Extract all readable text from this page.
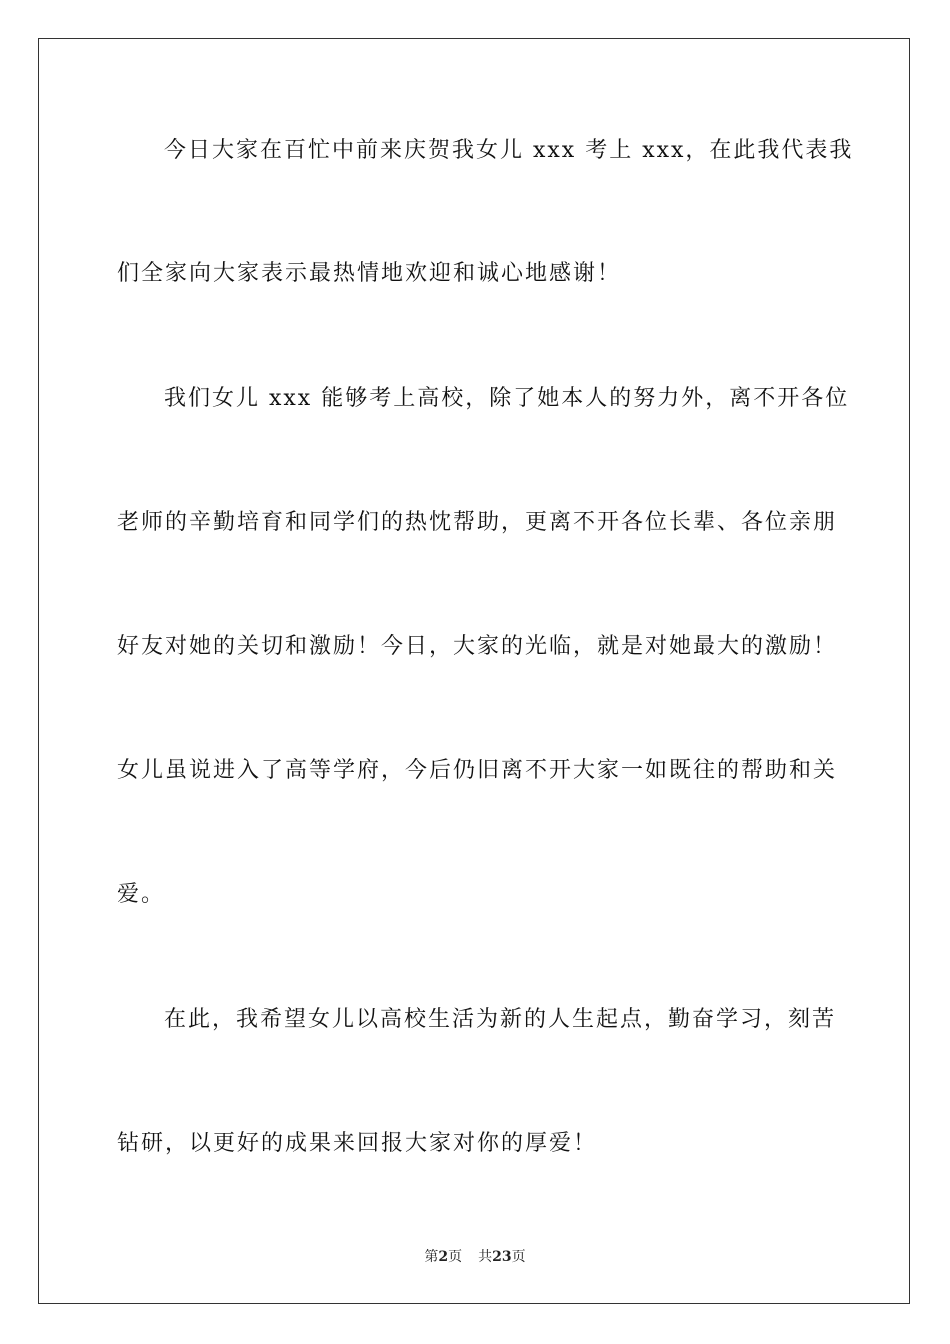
今日大家在百忙中前来庆贺我女儿 xxx 考上 xxx，在此我代表我
们全家向大家表示最热情地欢迎和诚心地感谢！
我们女儿 xxx 能够考上高校，除了她本人的努力外，离不开各位
老师的辛勤培育和同学们的热忱帮助，更离不开各位长辈、各位亲朋
好友对她的关切和激励！今日，大家的光临，就是对她最大的激励！
女儿虽说进入了高等学府，今后仍旧离不开大家一如既往的帮助和关
爱。
在此，我希望女儿以高校生活为新的人生起点，勤奋学习，刻苦
钻研，以更好的成果来回报大家对你的厚爱！
第2页 共23页
